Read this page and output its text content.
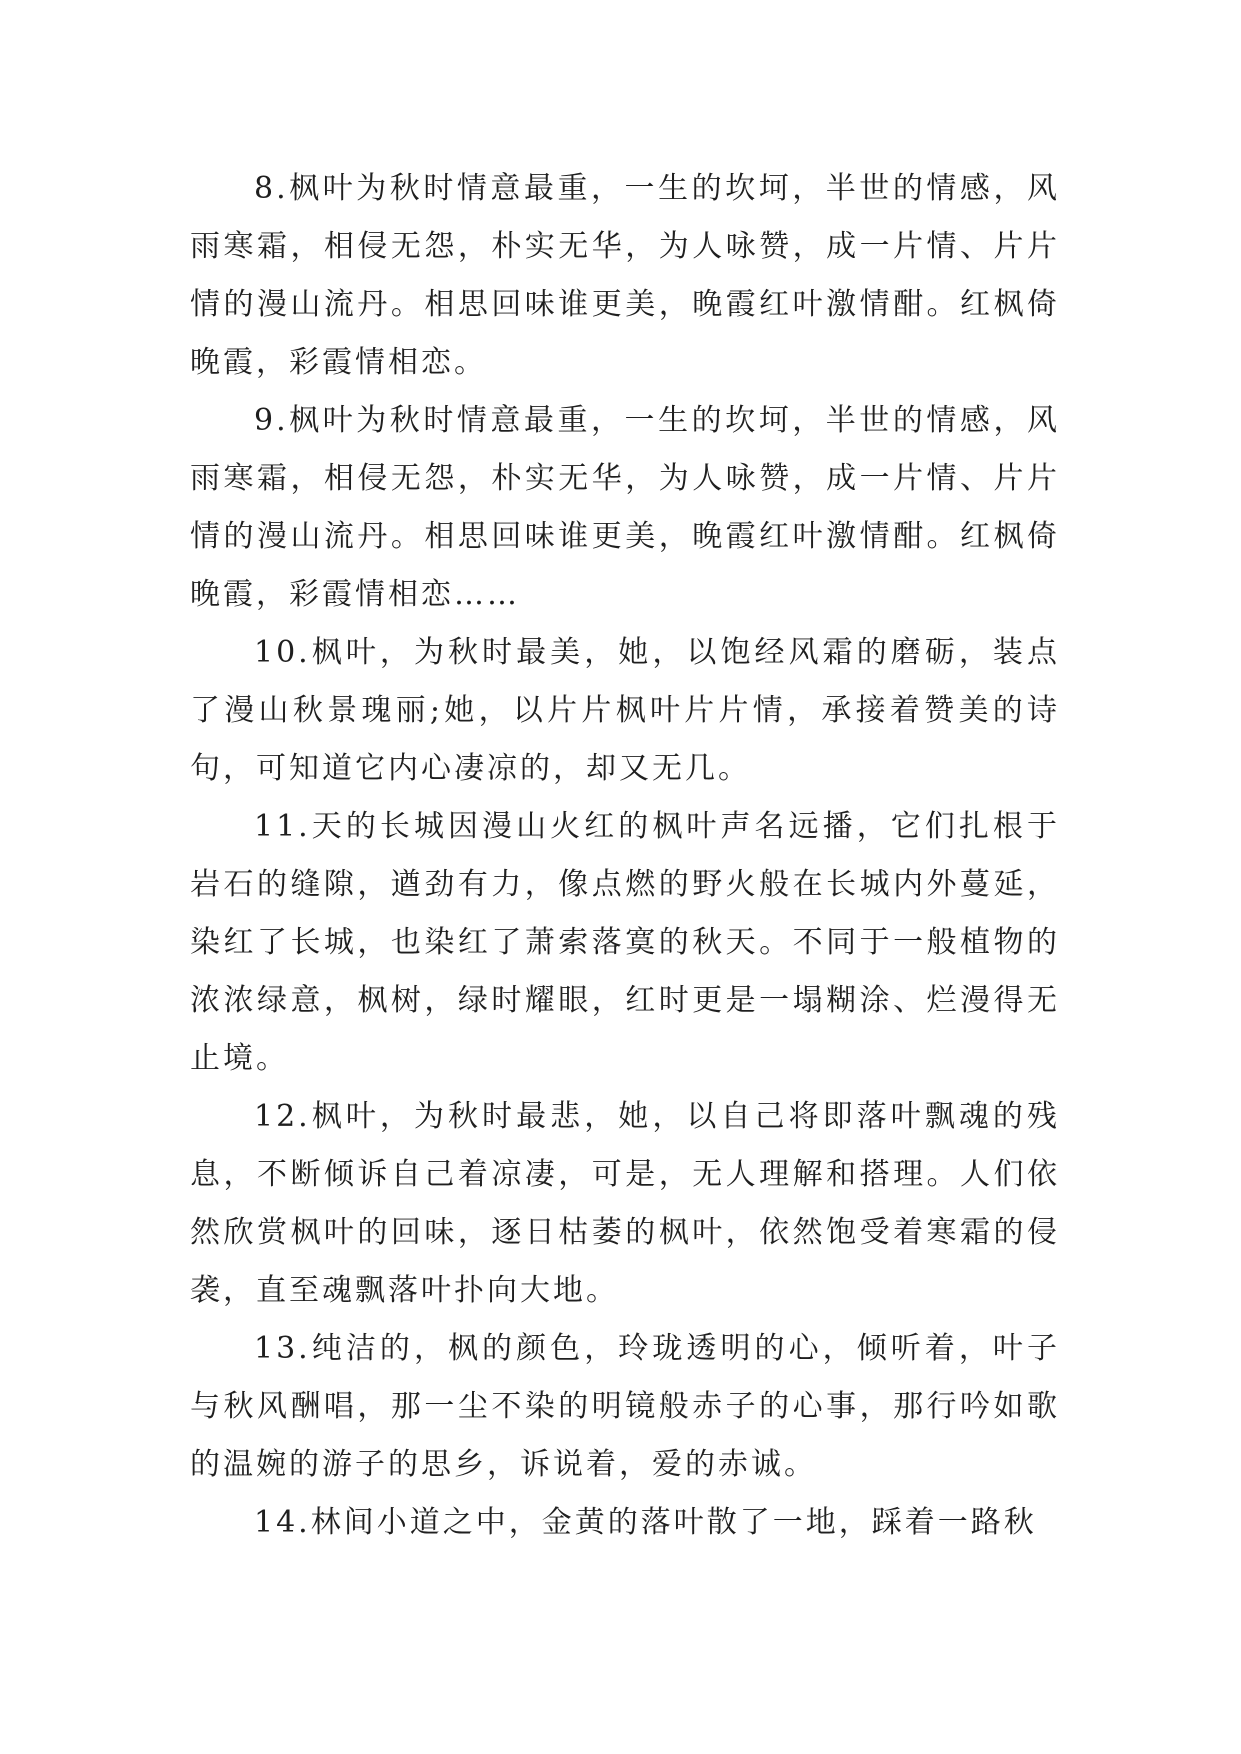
8.枫叶为秋时情意最重，一生的坎坷，半世的情感，风雨寒霜，相侵无怨，朴实无华，为人咏赞，成一片情、片片情的漫山流丹。相思回味谁更美，晚霞红叶激情酣。红枫倚晚霞，彩霞情相恋。

9.枫叶为秋时情意最重，一生的坎坷，半世的情感，风雨寒霜，相侵无怨，朴实无华，为人咏赞，成一片情、片片情的漫山流丹。相思回味谁更美，晚霞红叶激情酣。红枫倚晚霞，彩霞情相恋……

10.枫叶，为秋时最美，她，以饱经风霜的磨砺，装点了漫山秋景瑰丽;她，以片片枫叶片片情，承接着赞美的诗句，可知道它内心凄凉的，却又无几。

11.天的长城因漫山火红的枫叶声名远播，它们扎根于岩石的缝隙，遒劲有力，像点燃的野火般在长城内外蔓延，染红了长城，也染红了萧索落寞的秋天。不同于一般植物的浓浓绿意，枫树，绿时耀眼，红时更是一塌糊涂、烂漫得无止境。

12.枫叶，为秋时最悲，她，以自己将即落叶飘魂的残息，不断倾诉自己着凉凄，可是，无人理解和搭理。人们依然欣赏枫叶的回味，逐日枯萎的枫叶，依然饱受着寒霜的侵袭，直至魂飘落叶扑向大地。

13.纯洁的，枫的颜色，玲珑透明的心，倾听着，叶子与秋风酬唱，那一尘不染的明镜般赤子的心事，那行吟如歌的温婉的游子的思乡，诉说着，爱的赤诚。

14.林间小道之中，金黄的落叶散了一地，踩着一路秋
